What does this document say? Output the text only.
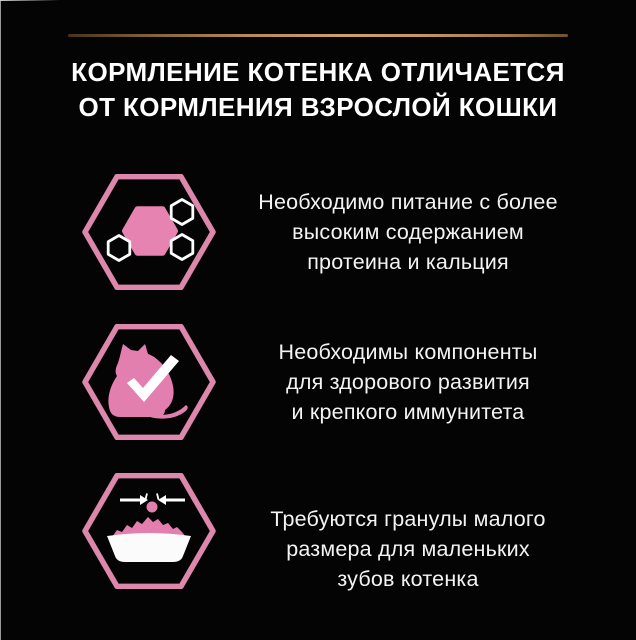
КОРМЛЕНИЕ КОТЕНКА ОТЛИЧАЕТСЯ
ОТ КОРМЛЕНИЯ ВЗРОСЛОЙ КОШКИ
Необходимо питание с более
высоким содержанием
протеина и кальция
Необходимы компоненты
для здорового развития
и крепкого иммунитета
Требуются гранулы малого
размера для маленьких
зубов котенка
